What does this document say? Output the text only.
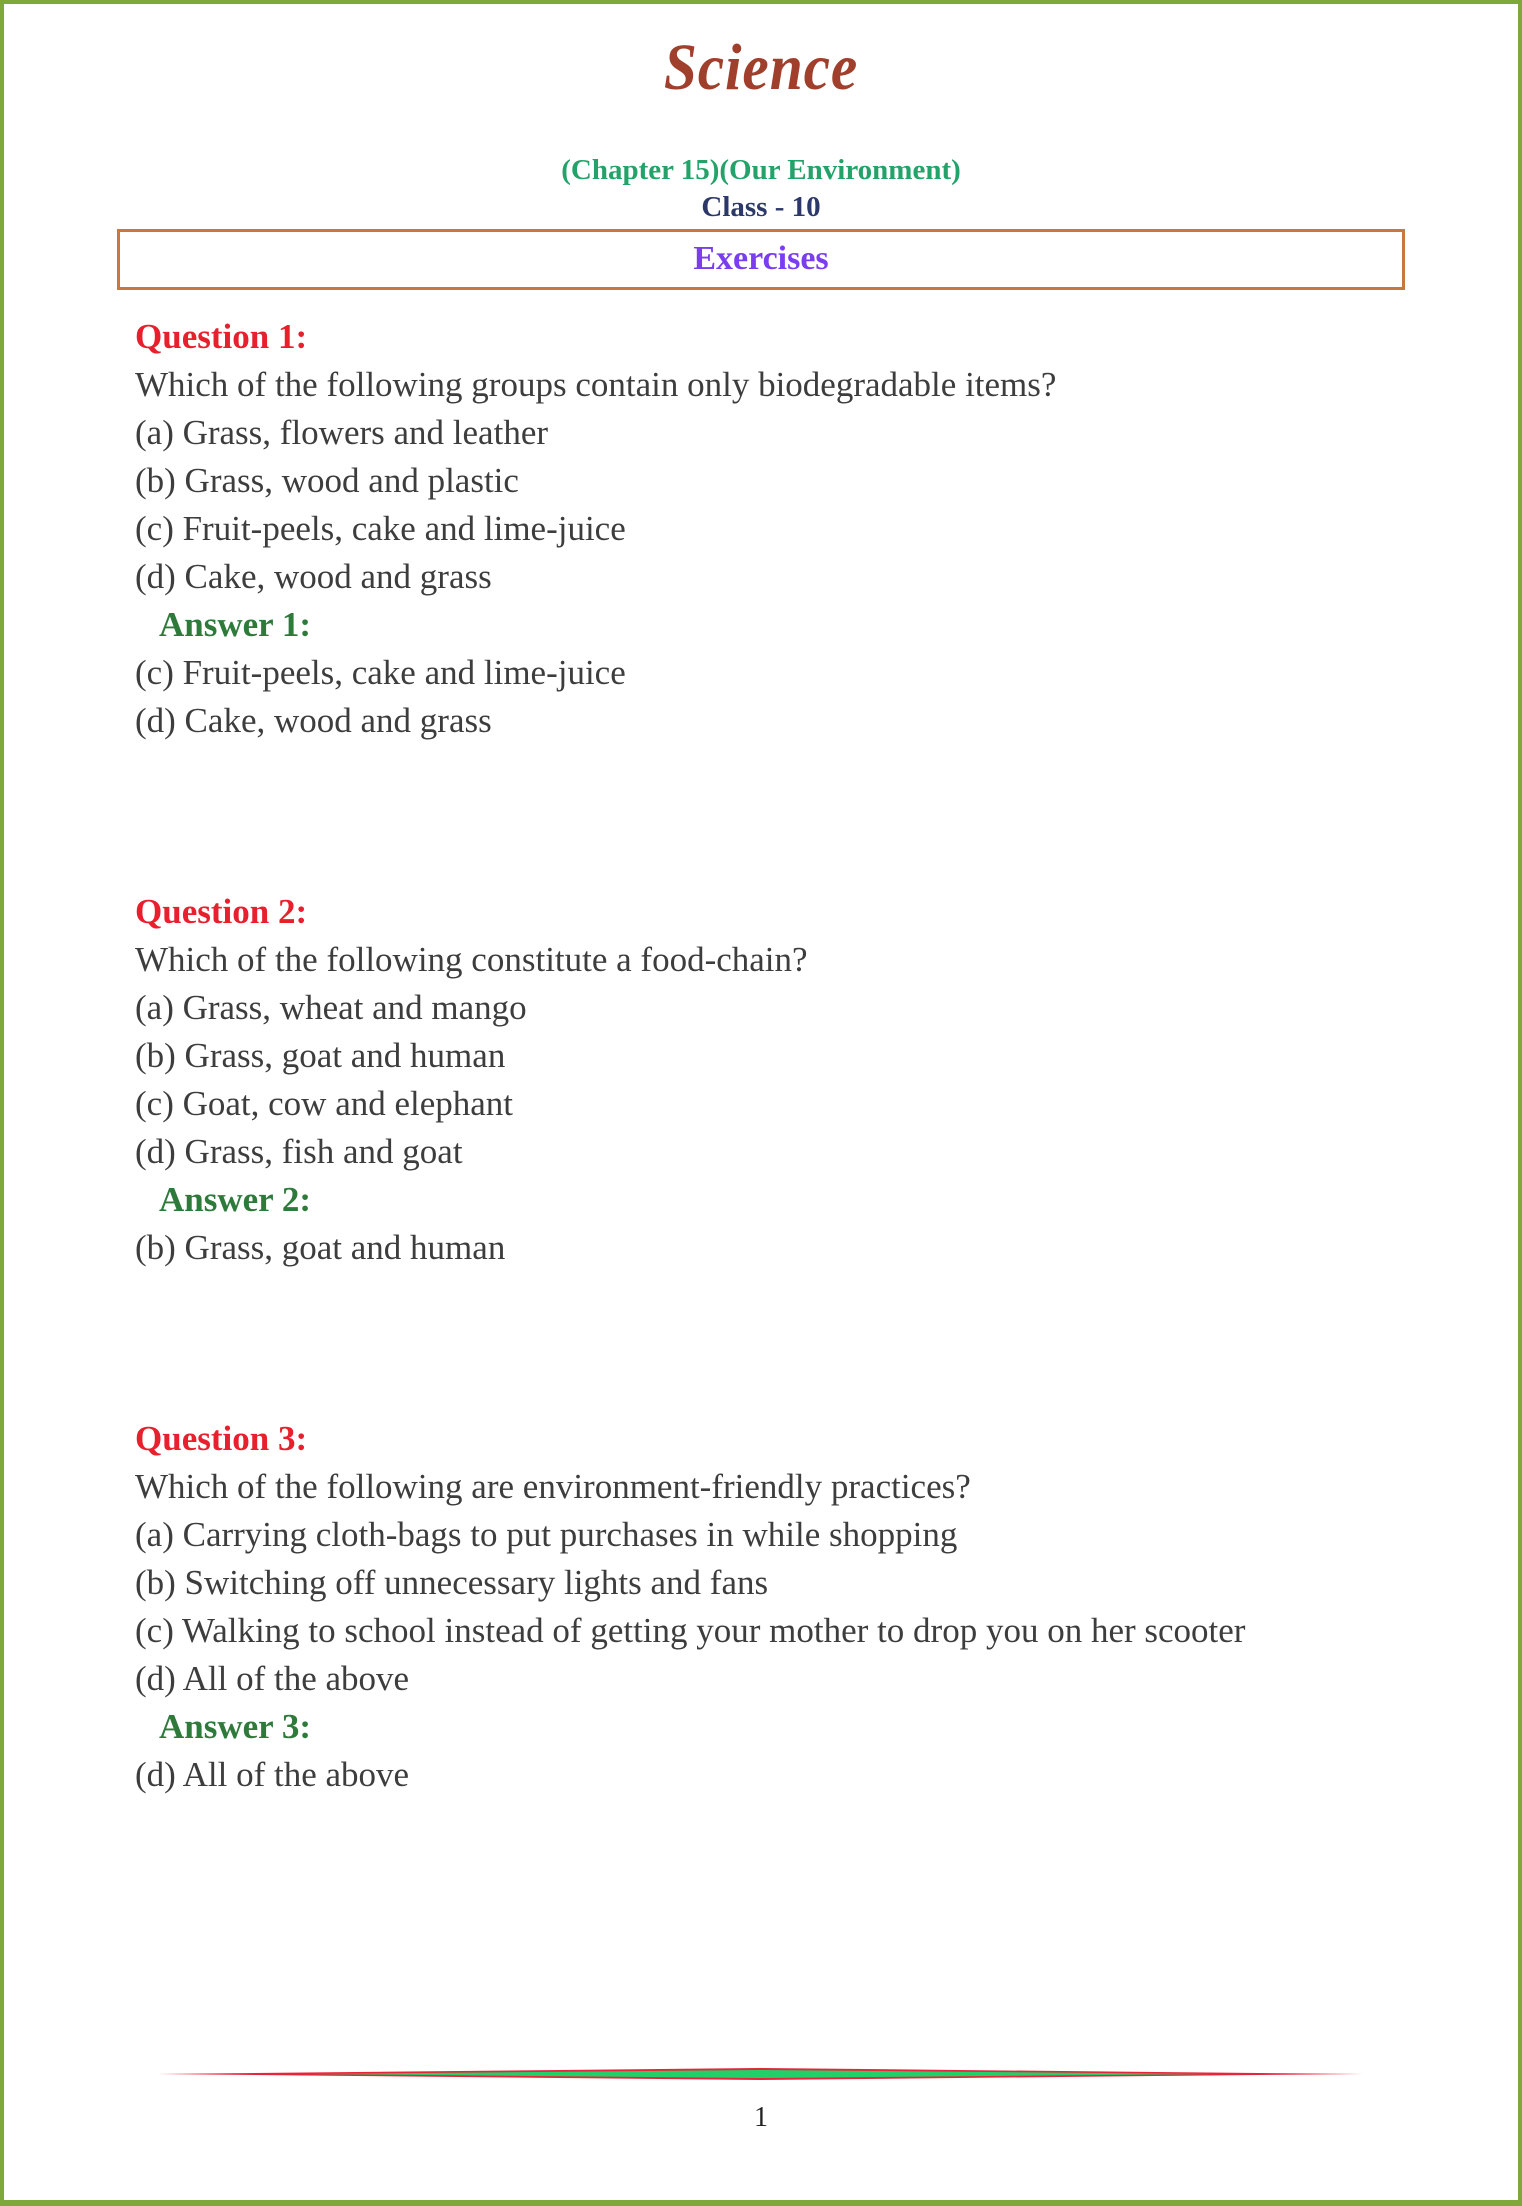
Science
(Chapter 15)(Our Environment)
Class - 10
Exercises
Question 1:
Which of the following groups contain only biodegradable items?
(a) Grass, flowers and leather
(b) Grass, wood and plastic
(c) Fruit-peels, cake and lime-juice
(d) Cake, wood and grass
Answer 1:
(c) Fruit-peels, cake and lime-juice
(d) Cake, wood and grass
Question 2:
Which of the following constitute a food-chain?
(a) Grass, wheat and mango
(b) Grass, goat and human
(c) Goat, cow and elephant
(d) Grass, fish and goat
Answer 2:
(b) Grass, goat and human
Question 3:
Which of the following are environment-friendly practices?
(a) Carrying cloth-bags to put purchases in while shopping
(b) Switching off unnecessary lights and fans
(c) Walking to school instead of getting your mother to drop you on her scooter
(d) All of the above
Answer 3:
(d) All of the above
1
